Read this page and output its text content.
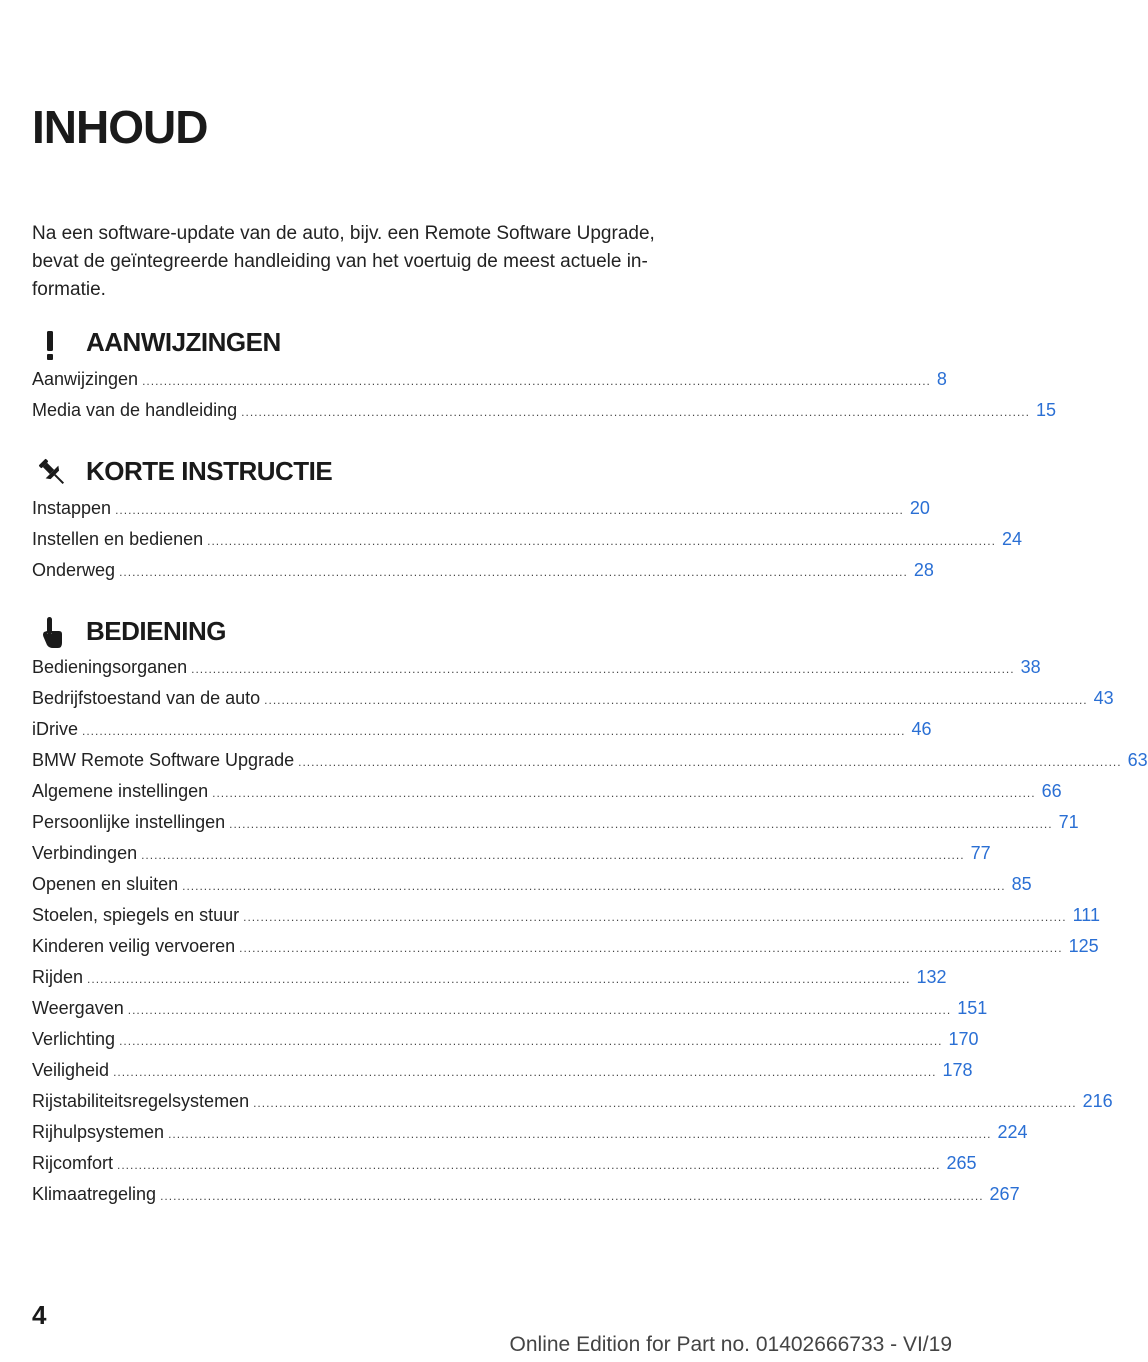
INHOUD

Na een software-update van de auto, bijv. een Remote Software Upgrade, bevat de geïntegreerde handleiding van het voertuig de meest actuele in-formatie.

AANWIJZINGEN
Aanwijzingen ...................................................................................................................................................................................... 8
Media van de handleiding ...................................................................................................................................................................................... 15
KORTE INSTRUCTIE
Instappen ...................................................................................................................................................................................... 20
Instellen en bedienen ...................................................................................................................................................................................... 24
Onderweg ...................................................................................................................................................................................... 28
BEDIENING
Bedieningsorganen .............................................................................................................................................................................................. 38
Bedrijfstoestand van de auto .............................................................................................................................................................................................. 43
iDrive .............................................................................................................................................................................................. 46
BMW Remote Software Upgrade .............................................................................................................................................................................................. 63
Algemene instellingen .............................................................................................................................................................................................. 66
Persoonlijke instellingen .............................................................................................................................................................................................. 71
Verbindingen .............................................................................................................................................................................................. 77
Openen en sluiten .............................................................................................................................................................................................. 85
Stoelen, spiegels en stuur .............................................................................................................................................................................................. 111
Kinderen veilig vervoeren .............................................................................................................................................................................................. 125
Rijden .............................................................................................................................................................................................. 132
Weergaven .............................................................................................................................................................................................. 151
Verlichting .............................................................................................................................................................................................. 170
Veiligheid .............................................................................................................................................................................................. 178
Rijstabiliteitsregelsystemen .............................................................................................................................................................................................. 216
Rijhulpsystemen .............................................................................................................................................................................................. 224
Rijcomfort .............................................................................................................................................................................................. 265
Klimaatregeling .............................................................................................................................................................................................. 267
4
Online Edition for Part no. 01402666733 - VI/19
